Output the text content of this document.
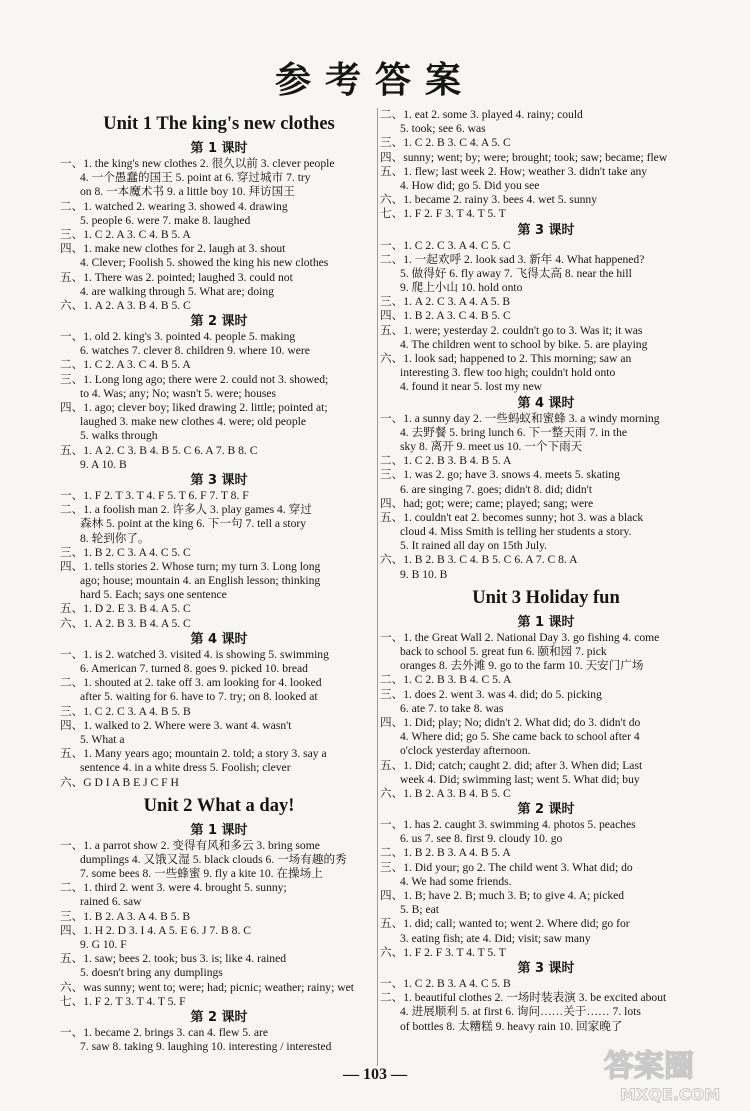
参考答案
Unit 1 The king's new clothes
第 1 课时
一、1. the king's new clothes 2. 很久以前 3. clever people
4. 一个愚蠢的国王 5. point at 6. 穿过城市 7. try
on 8. 一本魔术书 9. a little boy 10. 拜访国王
二、1. watched 2. wearing 3. showed 4. drawing
5. people 6. were 7. make 8. laughed
三、1. C 2. A 3. C 4. B 5. A
四、1. make new clothes for 2. laugh at 3. shout
4. Clever; Foolish 5. showed the king his new clothes
五、1. There was 2. pointed; laughed 3. could not
4. are walking through 5. What are; doing
六、1. A 2. A 3. B 4. B 5. C
第 2 课时
一、1. old 2. king's 3. pointed 4. people 5. making
6. watches 7. clever 8. children 9. where 10. were
二、1. C 2. A 3. C 4. B 5. A
三、1. Long long ago; there were 2. could not 3. showed;
to 4. Was; any; No; wasn't 5. were; houses
四、1. ago; clever boy; liked drawing 2. little; pointed at;
laughed 3. make new clothes 4. were; old people
5. walks through
五、1. A 2. C 3. B 4. B 5. C 6. A 7. B 8. C
9. A 10. B
第 3 课时
一、1. F 2. T 3. T 4. F 5. T 6. F 7. T 8. F
二、1. a foolish man 2. 许多人 3. play games 4. 穿过
森林 5. point at the king 6. 下一句 7. tell a story
8. 轮到你了。
三、1. B 2. C 3. A 4. C 5. C
四、1. tells stories 2. Whose turn; my turn 3. Long long
ago; house; mountain 4. an English lesson; thinking
hard 5. Each; says one sentence
五、1. D 2. E 3. B 4. A 5. C
六、1. A 2. B 3. B 4. A 5. C
第 4 课时
一、1. is 2. watched 3. visited 4. is showing 5. swimming
6. American 7. turned 8. goes 9. picked 10. bread
二、1. shouted at 2. take off 3. am looking for 4. looked
after 5. waiting for 6. have to 7. try; on 8. looked at
三、1. C 2. C 3. A 4. B 5. B
四、1. walked to 2. Where were 3. want 4. wasn't
5. What a
五、1. Many years ago; mountain 2. told; a story 3. say a
sentence 4. in a white dress 5. Foolish; clever
六、G D I A B E J C F H
Unit 2 What a day!
第 1 课时
一、1. a parrot show 2. 变得有风和多云 3. bring some
dumplings 4. 又饿又湿 5. black clouds 6. 一场有趣的秀
7. some bees 8. 一些蜂蜜 9. fly a kite 10. 在操场上
二、1. third 2. went 3. were 4. brought 5. sunny;
rained 6. saw
三、1. B 2. A 3. A 4. B 5. B
四、1. H 2. D 3. I 4. A 5. E 6. J 7. B 8. C
9. G 10. F
五、1. saw; bees 2. took; bus 3. is; like 4. rained
5. doesn't bring any dumplings
六、was sunny; went to; were; had; picnic; weather; rainy; wet
七、1. F 2. T 3. T 4. T 5. F
第 2 课时
一、1. became 2. brings 3. can 4. flew 5. are
7. saw 8. taking 9. laughing 10. interesting / interested
二、1. eat 2. some 3. played 4. rainy; could
5. took; see 6. was
三、1. C 2. B 3. C 4. A 5. C
四、sunny; went; by; were; brought; took; saw; became; flew
五、1. flew; last week 2. How; weather 3. didn't take any
4. How did; go 5. Did you see
六、1. became 2. rainy 3. bees 4. wet 5. sunny
七、1. F 2. F 3. T 4. T 5. T
第 3 课时
一、1. C 2. C 3. A 4. C 5. C
二、1. 一起欢呼 2. look sad 3. 新年 4. What happened?
5. 做得好 6. fly away 7. 飞得太高 8. near the hill
9. 爬上小山 10. hold onto
三、1. A 2. C 3. A 4. A 5. B
四、1. B 2. A 3. C 4. B 5. C
五、1. were; yesterday 2. couldn't go to 3. Was it; it was
4. The children went to school by bike. 5. are playing
六、1. look sad; happened to 2. This morning; saw an
interesting 3. flew too high; couldn't hold onto
4. found it near 5. lost my new
第 4 课时
一、1. a sunny day 2. 一些蚂蚁和蜜蜂 3. a windy morning
4. 去野餐 5. bring lunch 6. 下一整天雨 7. in the
sky 8. 离开 9. meet us 10. 一个下雨天
二、1. C 2. B 3. B 4. B 5. A
三、1. was 2. go; have 3. snows 4. meets 5. skating
6. are singing 7. goes; didn't 8. did; didn't
四、had; got; were; came; played; sang; were
五、1. couldn't eat 2. becomes sunny; hot 3. was a black
cloud 4. Miss Smith is telling her students a story.
5. It rained all day on 15th July.
六、1. B 2. B 3. C 4. B 5. C 6. A 7. C 8. A
9. B 10. B
Unit 3 Holiday fun
第 1 课时
一、1. the Great Wall 2. National Day 3. go fishing 4. come
back to school 5. great fun 6. 颐和园 7. pick
oranges 8. 去外滩 9. go to the farm 10. 天安门广场
二、1. C 2. B 3. B 4. C 5. A
三、1. does 2. went 3. was 4. did; do 5. picking
6. ate 7. to take 8. was
四、1. Did; play; No; didn't 2. What did; do 3. didn't do
4. Where did; go 5. She came back to school after 4
o'clock yesterday afternoon.
五、1. Did; catch; caught 2. did; after 3. When did; Last
week 4. Did; swimming last; went 5. What did; buy
六、1. B 2. A 3. B 4. B 5. C
第 2 课时
一、1. has 2. caught 3. swimming 4. photos 5. peaches
6. us 7. see 8. first 9. cloudy 10. go
二、1. B 2. B 3. A 4. B 5. A
三、1. Did your; go 2. The child went 3. What did; do
4. We had some friends.
四、1. B; have 2. B; much 3. B; to give 4. A; picked
5. B; eat
五、1. did; call; wanted to; went 2. Where did; go for
3. eating fish; ate 4. Did; visit; saw many
六、1. F 2. F 3. T 4. T 5. T
第 3 课时
一、1. C 2. B 3. A 4. C 5. B
二、1. beautiful clothes 2. 一场时装表演 3. be excited about
4. 进展顺利 5. at first 6. 询问……关于…… 7. lots
of bottles 8. 太糟糕 9. heavy rain 10. 回家晚了
— 103 —	答案圈
MXQE.COM
